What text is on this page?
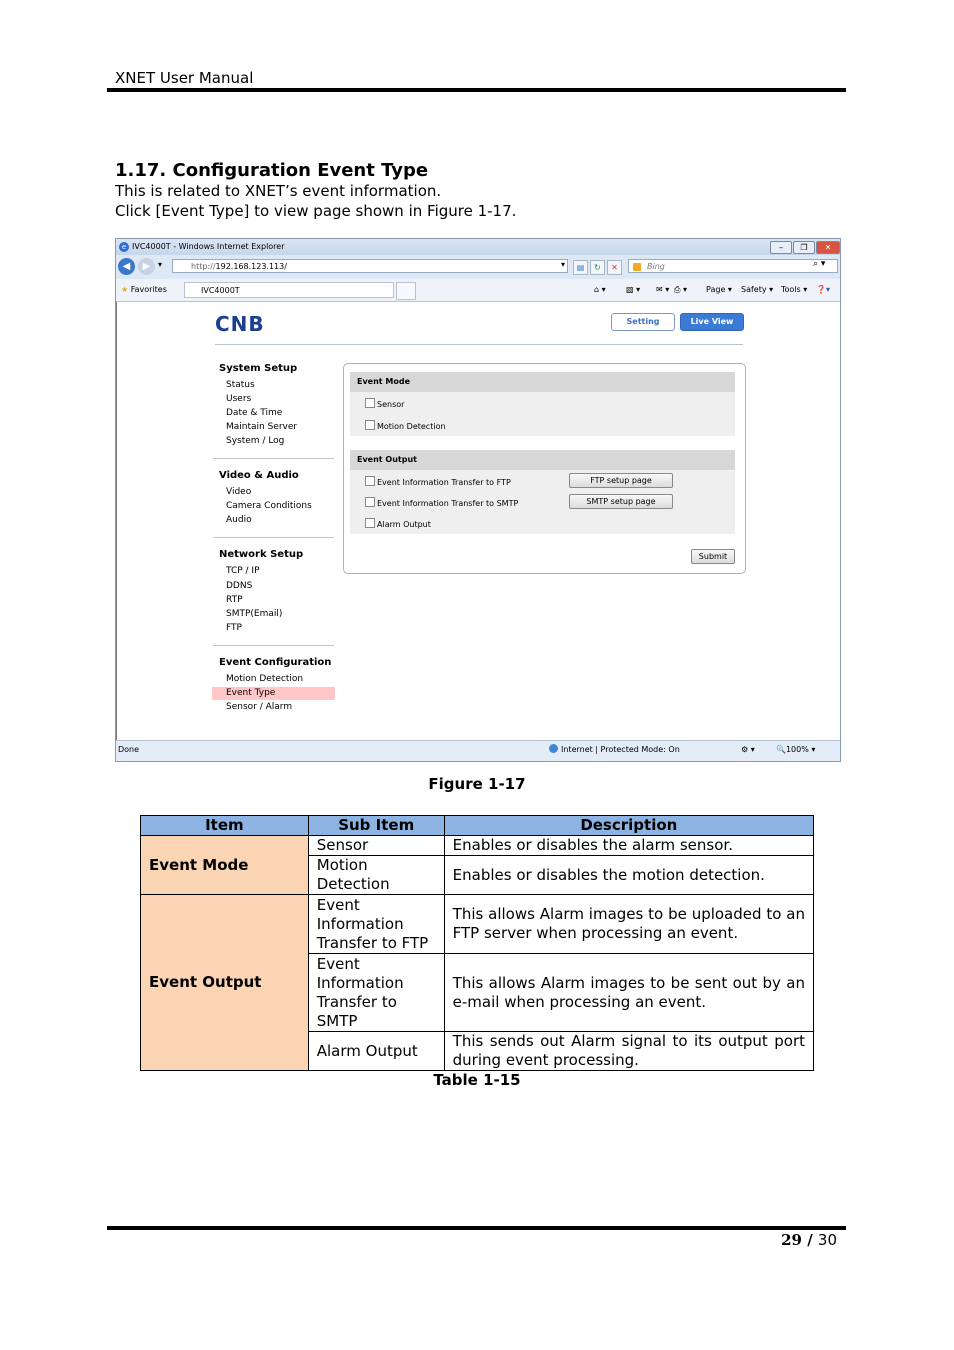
XNET User Manual
1.17. Configuration Event Type
This is related to XNET’s event information.
Click [Event Type] to view page shown in Figure 1-17.
e IVC4000T - Windows Internet Explorer	–	❐	✕
◀	▶ ▾	http://192.168.123.113/	▾	▤	↻	✕	Bing	⌕ ▾
★ Favorites	IVC4000T	⌂ ▾	▧ ▾ ✉ ▾ ⎙ ▾ Page ▾ Safety ▾ Tools ▾ ❓▾
CNB	Setting	Live View
System Setup
Status
Users
Date & Time
Maintain Server
System / Log
Video & Audio
Video
Camera Conditions
Audio
Network Setup
TCP / IP
DDNS
RTP
SMTP(Email)
FTP
Event Configuration
Motion Detection
Event Type
Sensor / Alarm
Event Mode
Sensor
Motion Detection
Event Output
Event Information Transfer to FTP	FTP setup page
Event Information Transfer to SMTP	SMTP setup page
Alarm Output
Submit
Done	Internet | Protected Mode: On	⚙ ▾	🔍100% ▾
Figure 1-17
Item	Sub Item	Description
Event Mode	Sensor	Enables or disables the alarm sensor.
	Motion Detection	Enables or disables the motion detection.
Event Output	Event Information Transfer to FTP	This allows Alarm images to be uploaded to an FTP server when processing an event.
	Event Information Transfer to SMTP	This allows Alarm images to be sent out by an e-mail when processing an event.
	Alarm Output	This sends out Alarm signal to its output port during event processing.
Table 1-15
29 / 30
